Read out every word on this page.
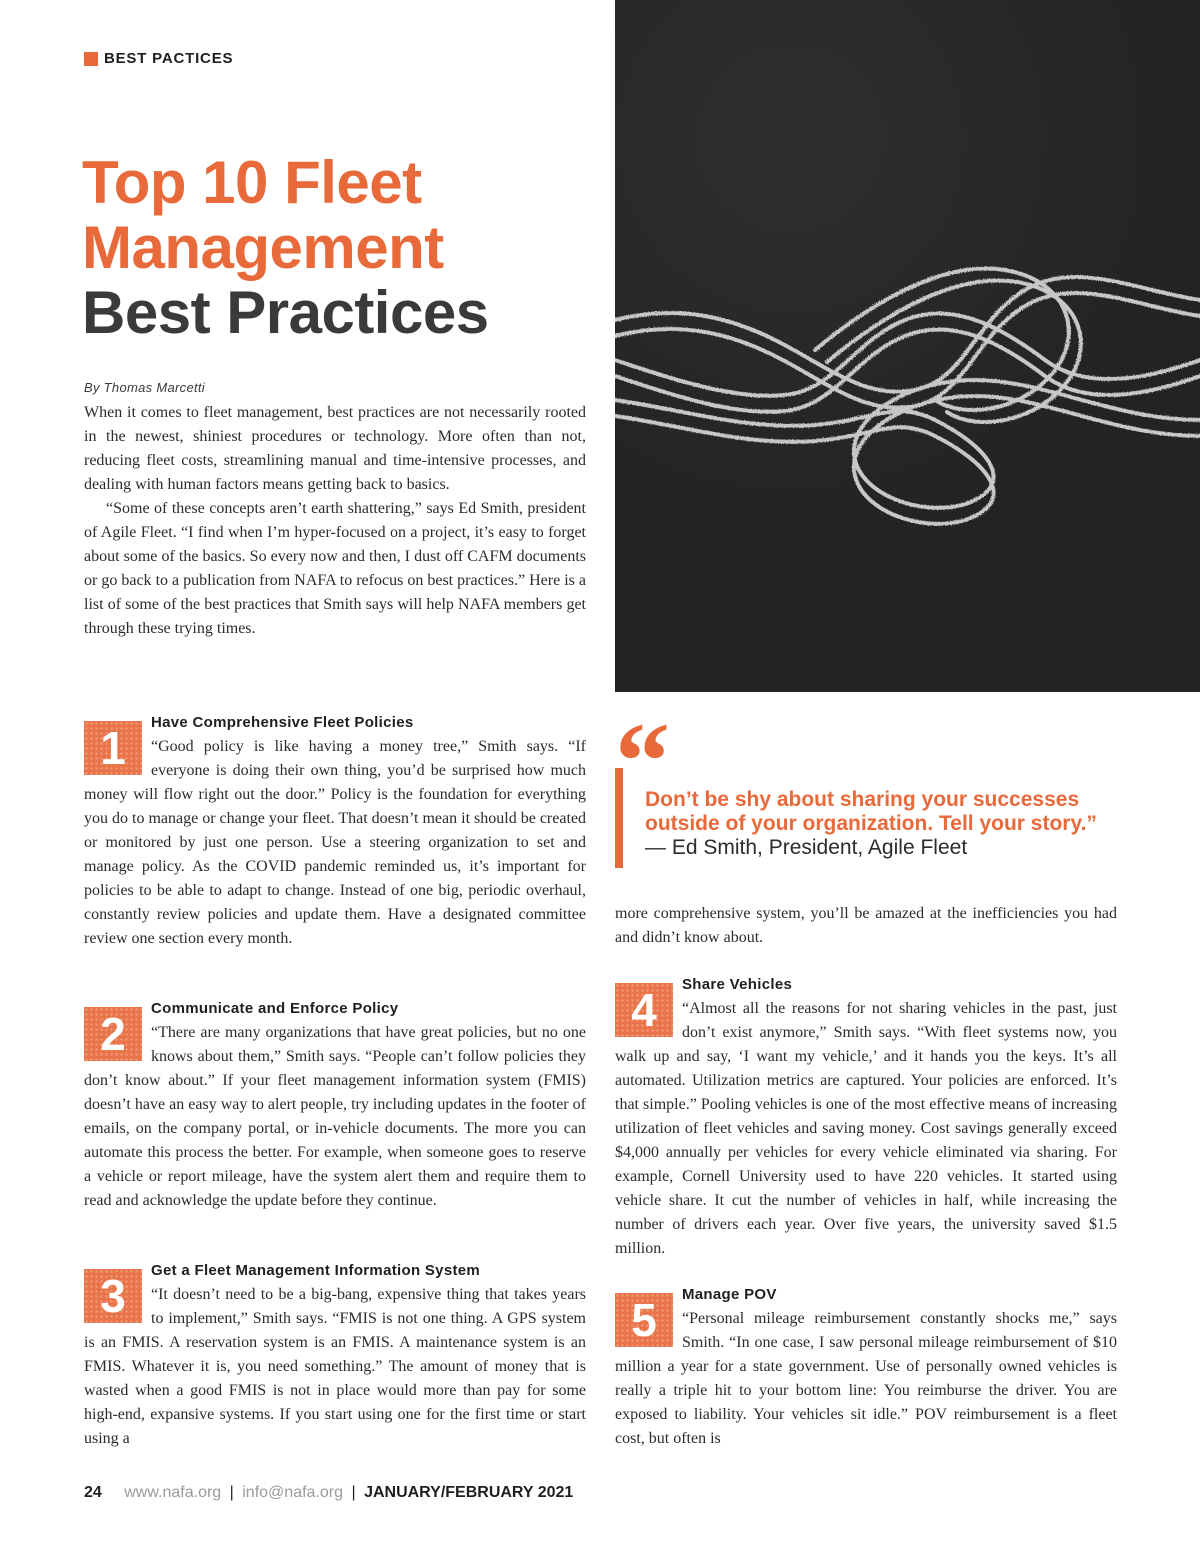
BEST PACTICES
Top 10 Fleet
Management
Best Practices
By Thomas Marcetti

When it comes to fleet management, best practices are not necessarily rooted in the newest, shiniest procedures or technology. More often than not, reducing fleet costs, streamlining manual and time-intensive processes, and dealing with human factors means getting back to basics.

“Some of these concepts aren’t earth shattering,” says Ed Smith, president of Agile Fleet. “I find when I’m hyper-focused on a project, it’s easy to forget about some of the basics. So every now and then, I dust off CAFM documents or go back to a publication from NAFA to refocus on best practices.” Here is a list of some of the best practices that Smith says will help NAFA members get through these trying times.

1	Have Comprehensive Fleet Policies
“Good policy is like having a money tree,” Smith says. “If everyone is doing their own thing, you’d be surprised how much money will flow right out the door.” Policy is the foundation for everything you do to manage or change your fleet. That doesn’t mean it should be created or monitored by just one person. Use a steering organization to set and manage policy. As the COVID pandemic reminded us, it’s important for policies to be able to adapt to change. Instead of one big, periodic overhaul, constantly review policies and update them. Have a designated committee review one section every month.
2	Communicate and Enforce Policy
“There are many organizations that have great policies, but no one knows about them,” Smith says. “People can’t follow policies they don’t know about.” If your fleet management information system (FMIS) doesn’t have an easy way to alert people, try including updates in the footer of emails, on the company portal, or in-vehicle documents. The more you can automate this process the better. For example, when someone goes to reserve a vehicle or report mileage, have the system alert them and require them to read and acknowledge the update before they continue.
3	Get a Fleet Management Information System
“It doesn’t need to be a big-bang, expensive thing that takes years to implement,” Smith says. “FMIS is not one thing. A GPS system is an FMIS. A reservation system is an FMIS. A maintenance system is an FMIS. Whatever it is, you need something.” The amount of money that is wasted when a good FMIS is not in place would more than pay for some high-end, expansive systems. If you start using one for the first time or start using a
“
Don’t be shy about sharing your successes outside of your organization. Tell your story.” — Ed Smith, President, Agile Fleet
more comprehensive system, you’ll be amazed at the inefficiencies you had and didn’t know about.
4	Share Vehicles
“Almost all the reasons for not sharing vehicles in the past, just don’t exist anymore,” Smith says. “With fleet systems now, you walk up and say, ‘I want my vehicle,’ and it hands you the keys. It’s all automated. Utilization metrics are captured. Your policies are enforced. It’s that simple.” Pooling vehicles is one of the most effective means of increasing utilization of fleet vehicles and saving money. Cost savings generally exceed $4,000 annually per vehicles for every vehicle eliminated via sharing. For example, Cornell University used to have 220 vehicles. It started using vehicle share. It cut the number of vehicles in half, while increasing the number of drivers each year. Over five years, the university saved $1.5 million.
5	Manage POV
“Personal mileage reimbursement constantly shocks me,” says Smith. “In one case, I saw personal mileage reimbursement of $10 million a year for a state government. Use of personally owned vehicles is really a triple hit to your bottom line: You reimburse the driver. You are exposed to liability. Your vehicles sit idle.” POV reimbursement is a fleet cost, but often is
24 www.nafa.org | info@nafa.org | JANUARY/FEBRUARY 2021
